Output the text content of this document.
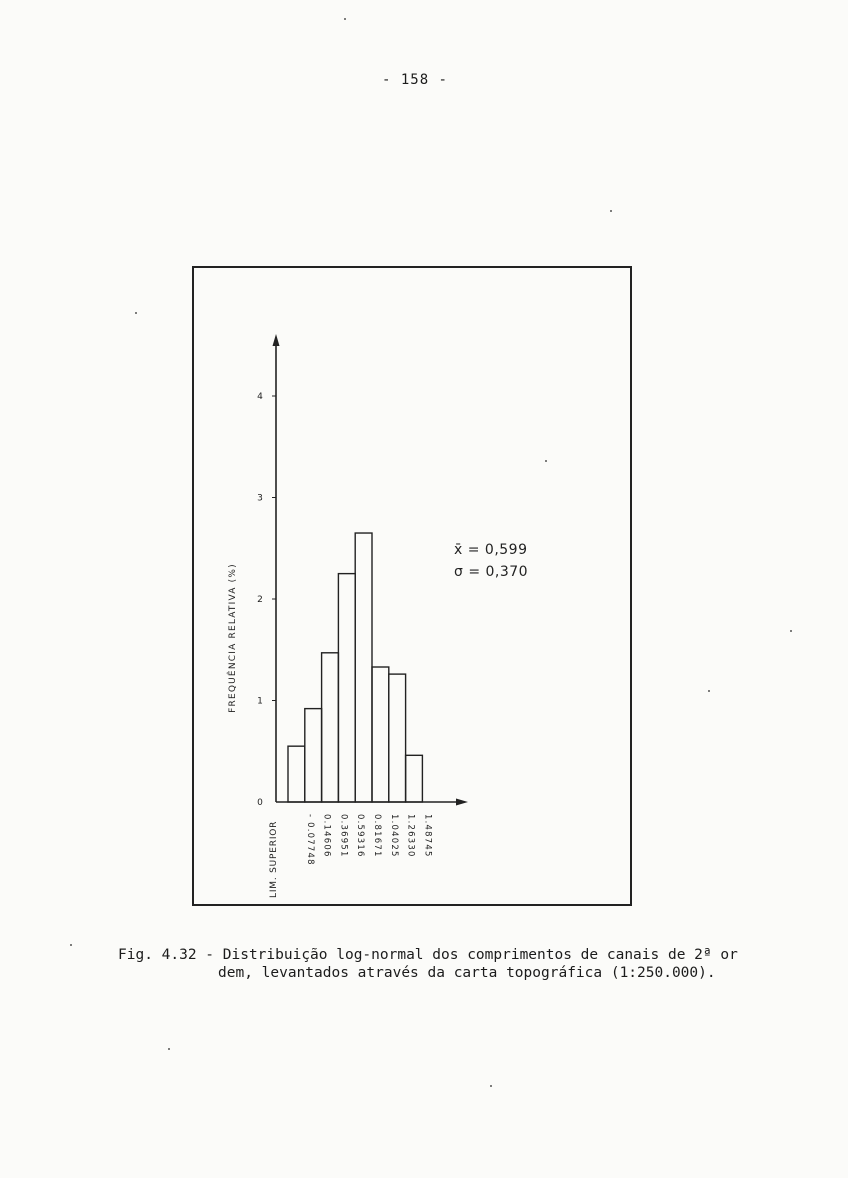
- 158 -
0
1
2
3
4
- 0.07748 0.14606 0.36951 0.59316 0.81671 1.04025 1.26330 1.48745
FREQUÊNCIA RELATIVA (%)
LIM. SUPERIOR
x̄ = 0,599
σ = 0,370
Fig. 4.32 - Distribuição log-normal dos comprimentos de canais de 2ª or
dem, levantados através da carta topográfica (1:250.000).
